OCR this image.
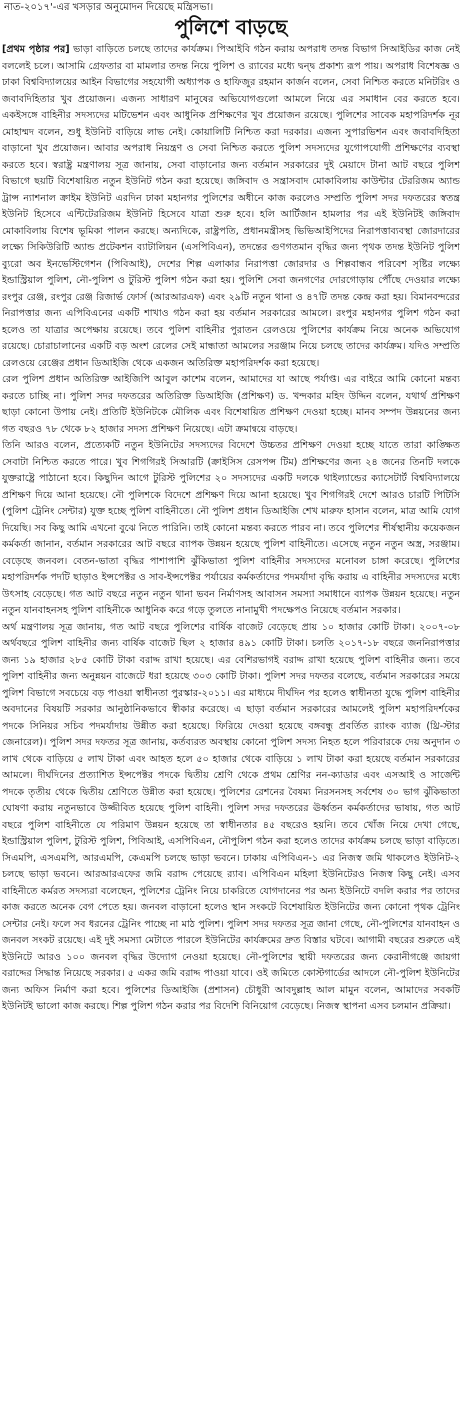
নাত-২০১৭'-এর খসড়ার অনুমোদন দিয়েছে মন্ত্রিসভা।
পুলিশে বাড়ছে

[প্রথম পৃষ্ঠার পর] ভাড়া বাড়িতে চলছে তাদের কার্যক্রম। পিআইবি গঠন করায় অপরাধ তদন্ত বিভাগ সিআইডির কাজ নেই বললেই চলে। আসামি গ্রেফতার বা মামলার তদন্ত নিয়ে পুলিশ ও র‌্যাবের মধ্যে দ্বন্দ্ব প্রকাশ্য রূপ পায়। অপরাধ বিশেষজ্ঞ ও ঢাকা বিশ্ববিদ্যালয়ের আইন বিভাগের সহযোগী অধ্যাপক ও হাফিজুর রহমান কার্জন বলেন, সেবা নিশ্চিত করতে মনিটরিং ও জবাবদিহিতার খুব প্রয়োজন। এজন্য সাধারণ মানুষের অভিযোগগুলো আমলে নিয়ে এর সমাধান বের করতে হবে। একইসঙ্গে বাহিনীর সদস্যদের মটিভেশন এবং আধুনিক প্রশিক্ষণের খুব প্রয়োজন রয়েছে। পুলিশের সাবেক মহাপরিদর্শক নূর মোহাম্মদ বলেন, শুধু ইউনিট বাড়িয়ে লাভ নেই। কোয়ালিটি নিশ্চিত করা দরকার। এজন্য সুপারভিশন এবং জবাবদিহিতা বাড়ানো খুব প্রয়োজন। আবার অপরাধ নিয়ন্ত্রণ ও সেবা নিশ্চিত করতে পুলিশ সদস্যদের যুগোপযোগী প্রশিক্ষণের ব্যবস্থা করতে হবে। স্বরাষ্ট্র মন্ত্রণালয় সূত্র জানায়, সেবা বাড়ানোর জন্য বর্তমান সরকারের দুই মেয়াদে টানা আট বছরে পুলিশ বিভাগে ছয়টি বিশেষায়িত নতুন ইউনিট গঠন করা হয়েছে। জঙ্গিবাদ ও সন্ত্রাসবাদ মোকাবিলায় কাউন্টার টেররিজম অ্যান্ড ট্রান্স ন্যাশনাল ক্রাইম ইউনিট এরদিন ঢাকা মহানগর পুলিশের অধীনে কাজ করলেও সম্প্রতি পুলিশ সদর দফতরের স্বতন্ত্র ইউনিট হিসেবে এন্টিটেররিজম ইউনিট হিসেবে যাত্রা শুরু হবে। হলি আর্টিজান হামলার পর এই ইউনিটই জঙ্গিবাদ মোকাবিলায় বিশেষ ভূমিকা পালন করছে। অন্যদিকে, রাষ্ট্রপতি, প্রধানমন্ত্রীসহ ভিভিআইপিদের নিরাপত্তাব্যবস্থা জোরদারের লক্ষ্যে সিকিউরিটি অ্যান্ড প্রটেকশন ব্যাটালিয়ন (এসপিবিএন), তদন্তের গুণগতমান বৃদ্ধির জন্য পৃথক তদন্ত ইউনিট পুলিশ ব্যুরো অব ইনভেস্টিগেশন (পিবিআই), দেশের শিল্প এলাকার নিরাপত্তা জোরদার ও শিল্পবান্ধব পরিবেশ সৃষ্টির লক্ষ্যে ইন্ডাস্ট্রিয়াল পুলিশ, নৌ-পুলিশ ও টুরিস্ট পুলিশ গঠন করা হয়। পুলিশি সেবা জনগণের দোরগোড়ায় পৌঁছে দেওয়ার লক্ষ্যে রংপুর রেঞ্জ, রংপুর রেঞ্জ রিজার্ভ ফোর্স (আরআরএফ) এবং ২৯টি নতুন থানা ও ৪৭টি তদন্ত কেন্দ্র করা হয়। বিমানবন্দরের নিরাপত্তার জন্য এপিবিএনের একটি শাখাও গঠন করা হয় বর্তমান সরকারের আমলে। রংপুর মহানগর পুলিশ গঠন করা হলেও তা যাত্রার অপেক্ষায় রয়েছে। তবে পুলিশ বাহিনীর পুরাতন রেলওয়ে পুলিশের কার্যক্রম নিয়ে অনেক অভিযোগ রয়েছে। চোরাচালানের একটি বড় অংশ রেলের সেই মান্ধাতা আমলের সরঞ্জাম নিয়ে চলছে তাদের কার্যক্রম। যদিও সম্প্রতি রেলওয়ে রেঞ্জের প্রধান ডিআইজি থেকে একজন অতিরিক্ত মহাপরিদর্শক করা হয়েছে।

রেল পুলিশ প্রধান অতিরিক্ত আইজিপি আবুল কাশেম বলেন, আমাদের যা আছে পর্যাপ্ত। এর বাইরে আমি কোনো মন্তব্য করতে চাচ্ছি না। পুলিশ সদর দফতরের অতিরিক্ত ডিআইজি (প্রশিক্ষণ) ড. খন্দকার মহিদ উদ্দিন বলেন, যথার্থ প্রশিক্ষণ ছাড়া কোনো উপায় নেই। প্রতিটি ইউনিটকে মৌলিক এবং বিশেষায়িত প্রশিক্ষণ দেওয়া হচ্ছে। মানব সম্পদ উন্নয়নের জন্য গত বছরও ৭৮ থেকে ৮২ হাজার সদস্য প্রশিক্ষণ নিয়েছে। এটা ক্রমান্বয়ে বাড়ছে।

তিনি আরও বলেন, প্রত্যেকটি নতুন ইউনিটের সদস্যদের বিদেশে উচ্চতর প্রশিক্ষণ দেওয়া হচ্ছে যাতে তারা কাঙ্ক্ষিত সেবাটা নিশ্চিত করতে পারে। খুব শিগগিরই সিআরটি (ক্রাইসিস রেসপন্স টিম) প্রশিক্ষণের জন্য ২৪ জনের তিনটি দলকে যুক্তরাষ্ট্রে পাঠানো হবে। কিছুদিন আগে টুরিস্ট পুলিশের ২০ সদস্যদের একটি দলকে থাইল্যান্ডের ক্যাসেটার্ট বিশ্ববিদ্যালয়ে প্রশিক্ষণ দিয়ে আনা হয়েছে। নৌ পুলিশকে বিদেশে প্রশিক্ষণ দিয়ে আনা হয়েছে। খুব শিগগিরই দেশে আরও চারটি পিটিসি (পুলিশ ট্রেনিং সেন্টার) যুক্ত হচ্ছে পুলিশ বাহিনীতে। নৌ পুলিশ প্রধান ডিআইজি শেখ মারুফ হাসান বলেন, মাত্র আমি যোগ দিয়েছি। সব কিছু আমি এখনো বুঝে নিতে পারিনি। তাই কোনো মন্তব্য করতে পারব না। তবে পুলিশের শীর্ষস্থানীয় কয়েকজন কর্মকর্তা জানান, বর্তমান সরকারের আট বছরে ব্যাপক উন্নয়ন হয়েছে পুলিশ বাহিনীতে। এসেছে নতুন নতুন অস্ত্র, সরঞ্জাম। বেড়েছে জনবল। বেতন-ভাতা বৃদ্ধির পাশাপাশি ঝুঁকিভাতা পুলিশ বাহিনীর সদস্যদের মনোবল চাঙ্গা করেছে। পুলিশের মহাপরিদর্শক পদটি ছাড়াও ইন্সপেক্টর ও সাব-ইন্সপেক্টর পর্যায়ের কর্মকর্তাদের পদমর্যাদা বৃদ্ধি করায় এ বাহিনীর সদস্যদের মধ্যে উৎসাহ বেড়েছে। গত আট বছরে নতুন নতুন থানা ভবন নির্মাণসহ আবাসন সমস্যা সমাধানে ব্যাপক উন্নয়ন হয়েছে। নতুন নতুন যানবাহনসহ পুলিশ বাহিনীকে আধুনিক করে গড়ে তুলতে নানামুখী পদক্ষেপও নিয়েছে বর্তমান সরকার।

অর্থ মন্ত্রণালয় সূত্র জানায়, গত আট বছরে পুলিশের বার্ষিক বাজেট বেড়েছে প্রায় ১০ হাজার কোটি টাকা। ২০০৭-০৮ অর্থবছরে পুলিশ বাহিনীর জন্য বার্ষিক বাজেট ছিল ২ হাজার ৪৯১ কোটি টাকা। চলতি ২০১৭-১৮ বছরে জননিরাপত্তার জন্য ১৯ হাজার ২৮৫ কোটি টাকা বরাদ্দ রাখা হয়েছে। এর বেশিরভাগই বরাদ্দ রাখা হয়েছে পুলিশ বাহিনীর জন্য। তবে পুলিশ বাহিনীর জন্য অনুন্নয়ন বাজেটে ধরা হয়েছে ৩০৩ কোটি টাকা। পুলিশ সদর দফতর বলেছে, বর্তমান সরকারের সময়ে পুলিশ বিভাগে সবচেয়ে বড় পাওয়া স্বাধীনতা পুরস্কার-২০১১। এর মাধ্যমে দীর্ঘদিন পর হলেও স্বাধীনতা যুদ্ধে পুলিশ বাহিনীর অবদানের বিষয়টি সরকার আনুষ্ঠানিকভাবে স্বীকার করেছে। এ ছাড়া বর্তমান সরকারের আমলেই পুলিশ মহাপরিদর্শকের পদকে সিনিয়র সচিব পদমর্যাদায় উন্নীত করা হয়েছে। ফিরিয়ে দেওয়া হয়েছে বঙ্গবন্ধু প্রবর্তিত র‌্যাংক ব্যাজ (থ্রি-স্টার জেনারেল)। পুলিশ সদর দফতর সূত্র জানায়, কর্তব্যরত অবস্থায় কোনো পুলিশ সদস্য নিহত হলে পরিবারকে দেয় অনুদান ৩ লাখ থেকে বাড়িয়ে ৫ লাখ টাকা এবং আহত হলে ৫০ হাজার থেকে বাড়িয়ে ১ লাখ টাকা করা হয়েছে বর্তমান সরকারের আমলে। দীর্ঘদিনের প্রত্যাশিত ইন্সপেক্টর পদকে দ্বিতীয় শ্রেণি থেকে প্রথম শ্রেণির নন-ক্যাডার এবং এসআই ও সার্জেন্ট পদকে তৃতীয় থেকে দ্বিতীয় শ্রেণিতে উন্নীত করা হয়েছে। পুলিশের রেশনের বৈষম্য নিরসনসহ সর্বশেষ ৩০ ভাগ ঝুঁকিভাতা ঘোষণা করায় নতুনভাবে উজ্জীবিত হয়েছে পুলিশ বাহিনী। পুলিশ সদর দফতরের ঊর্ধ্বতন কর্মকর্তাদের ভাষায়, গত আট বছরে পুলিশ বাহিনীতে যে পরিমাণ উন্নয়ন হয়েছে তা স্বাধীনতার ৪৫ বছরেও হয়নি। তবে খোঁজ নিয়ে দেখা গেছে, ইন্ডাস্ট্রিয়াল পুলিশ, টুরিস্ট পুলিশ, পিবিআই, এসপিবিএন, নৌপুলিশ গঠন করা হলেও তাদের কার্যক্রম চলছে ভাড়া বাড়িতে। সিএমপি, এসএমপি, আরএমপি, কেএমপি চলছে ভাড়া ভবনে। ঢাকায় এপিবিএন-১ এর নিজস্ব জমি থাকলেও ইউনিট-২ চলছে ভাড়া ভবনে। আরআরএফের জমি বরাদ্দ পেয়েছে র‌্যাব। এপিবিএন মহিলা ইউনিটেরও নিজস্ব কিছু নেই। এসব বাহিনীতে কর্মরত সদস্যরা বলেছেন, পুলিশের ট্রেনিং নিয়ে চাকরিতে যোগদানের পর অন্য ইউনিটে বদলি করার পর তাদের কাজ করতে অনেক বেগ পেতে হয়। জনবল বাড়ানো হলেও স্থান সংকটে বিশেষায়িত ইউনিটের জন্য কোনো পৃথক ট্রেনিং সেন্টার নেই। ফলে সব ধরনের ট্রেনিং পাচ্ছে না মাঠ পুলিশ। পুলিশ সদর দফতর সূত্র জানা গেছে, নৌ-পুলিশের যানবাহন ও জনবল সংকট রয়েছে। এই দুই সমস্যা মেটাতে পারলে ইউনিটের কার্যক্রমের দ্রুত বিস্তার ঘটবে। আগামী বছরের শুরুতে এই ইউনিটে আরও ১০০ জনবল বৃদ্ধির উদ্যোগ নেওয়া হয়েছে। নৌ-পুলিশের স্থায়ী দফতরের জন্য কেরানীগঞ্জে জায়গা বরাদ্দের সিদ্ধান্ত নিয়েছে সরকার। ৫ একর জমি বরাদ্দ পাওয়া যাবে। ওই জমিতে কোস্টগার্ডের আদলে নৌ-পুলিশ ইউনিটের জন্য অফিস নির্মাণ করা হবে। পুলিশের ডিআইজি (প্রশাসন) চৌধুরী আবদুল্লাহ আল মামুন বলেন, আমাদের সবকটি ইউনিটই ভালো কাজ করছে। শিল্প পুলিশ গঠন করার পর বিদেশি বিনিয়োগ বেড়েছে। নিজস্ব স্থাপনা এসব চলমান প্রক্রিয়া।
